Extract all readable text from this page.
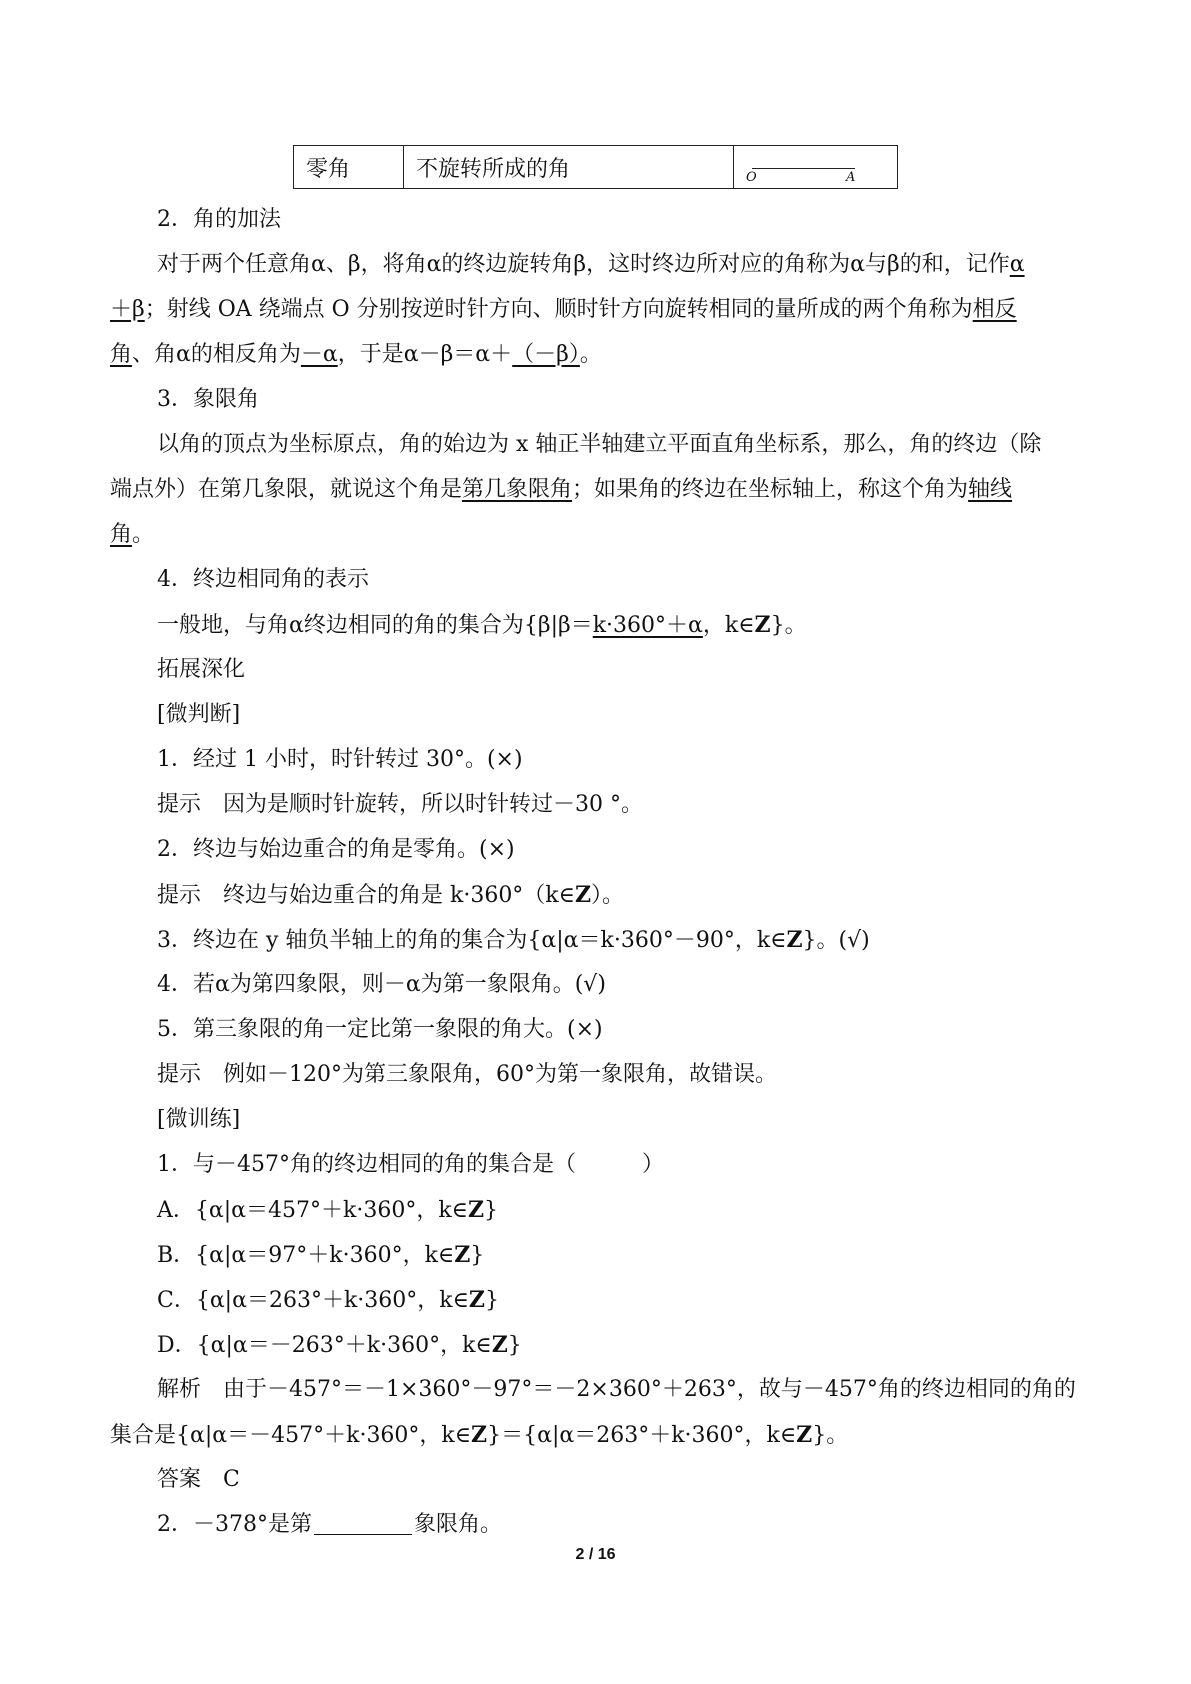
零角	不旋转所成的角	O	A
2．角的加法
对于两个任意角α、β，将角α的终边旋转角β，这时终边所对应的角称为α与β的和，记作α
＋β；射线 OA 绕端点 O 分别按逆时针方向、顺时针方向旋转相同的量所成的两个角称为相反
角、角α的相反角为－α，于是α－β＝α＋（－β）。
3．象限角
以角的顶点为坐标原点，角的始边为 x 轴正半轴建立平面直角坐标系，那么，角的终边（除
端点外）在第几象限，就说这个角是第几象限角；如果角的终边在坐标轴上，称这个角为轴线
角。
4．终边相同角的表示
一般地，与角α终边相同的角的集合为{β|β＝k·360°＋α，k∈Z}。
拓展深化
[微判断]
1．经过 1 小时，时针转过 30°。(×)
提示　因为是顺时针旋转，所以时针转过－30 °。
2．终边与始边重合的角是零角。(×)
提示　终边与始边重合的角是 k·360°（k∈Z）。
3．终边在 y 轴负半轴上的角的集合为{α|α＝k·360°－90°，k∈Z}。(√)
4．若α为第四象限，则－α为第一象限角。(√)
5．第三象限的角一定比第一象限的角大。(×)
提示　例如－120°为第三象限角，60°为第一象限角，故错误。
[微训练]
1．与－457°角的终边相同的角的集合是（　　　）
A．{α|α＝457°＋k·360°，k∈Z}
B．{α|α＝97°＋k·360°，k∈Z}
C．{α|α＝263°＋k·360°，k∈Z}
D．{α|α＝－263°＋k·360°，k∈Z}
解析　由于－457°＝－1×360°－97°＝－2×360°＋263°，故与－457°角的终边相同的角的
集合是{α|α＝－457°＋k·360°，k∈Z}＝{α|α＝263°＋k·360°，k∈Z}。
答案　C
2．－378°是第	象限角。
2 / 16
